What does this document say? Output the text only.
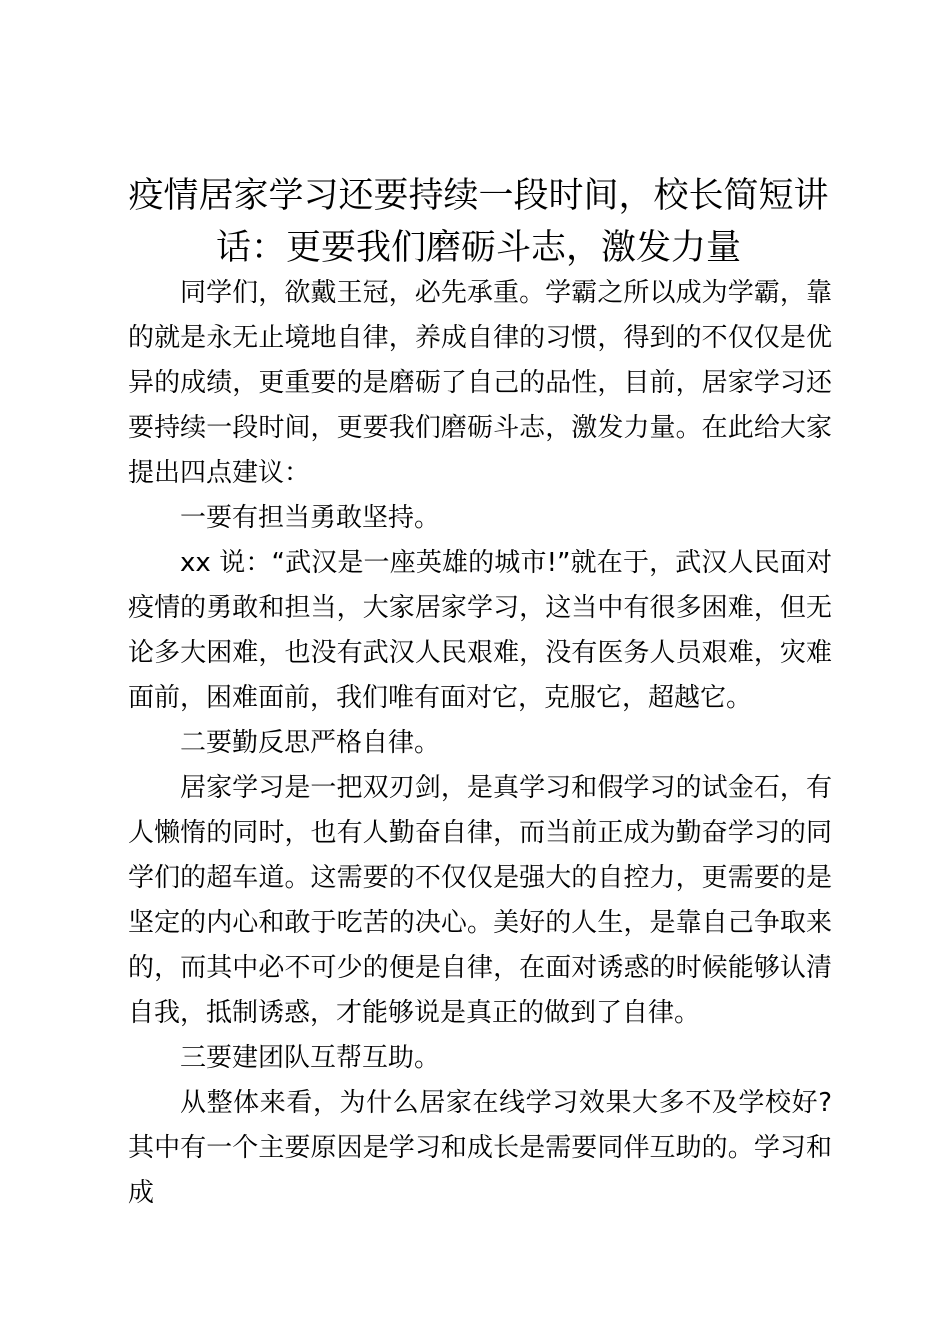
疫情居家学习还要持续一段时间，校长简短讲话：更要我们磨砺斗志，激发力量

同学们，欲戴王冠，必先承重。学霸之所以成为学霸，靠的就是永无止境地自律，养成自律的习惯，得到的不仅仅是优异的成绩，更重要的是磨砺了自己的品性，目前，居家学习还要持续一段时间，更要我们磨砺斗志，激发力量。在此给大家提出四点建议：

一要有担当勇敢坚持。

xx 说：“武汉是一座英雄的城市!”就在于，武汉人民面对疫情的勇敢和担当，大家居家学习，这当中有很多困难，但无论多大困难，也没有武汉人民艰难，没有医务人员艰难，灾难面前，困难面前，我们唯有面对它，克服它，超越它。

二要勤反思严格自律。

居家学习是一把双刃剑，是真学习和假学习的试金石，有人懒惰的同时，也有人勤奋自律，而当前正成为勤奋学习的同学们的超车道。这需要的不仅仅是强大的自控力，更需要的是坚定的内心和敢于吃苦的决心。美好的人生，是靠自己争取来的，而其中必不可少的便是自律，在面对诱惑的时候能够认清自我，抵制诱惑，才能够说是真正的做到了自律。

三要建团队互帮互助。

从整体来看，为什么居家在线学习效果大多不及学校好?其中有一个主要原因是学习和成长是需要同伴互助的。学习和成
